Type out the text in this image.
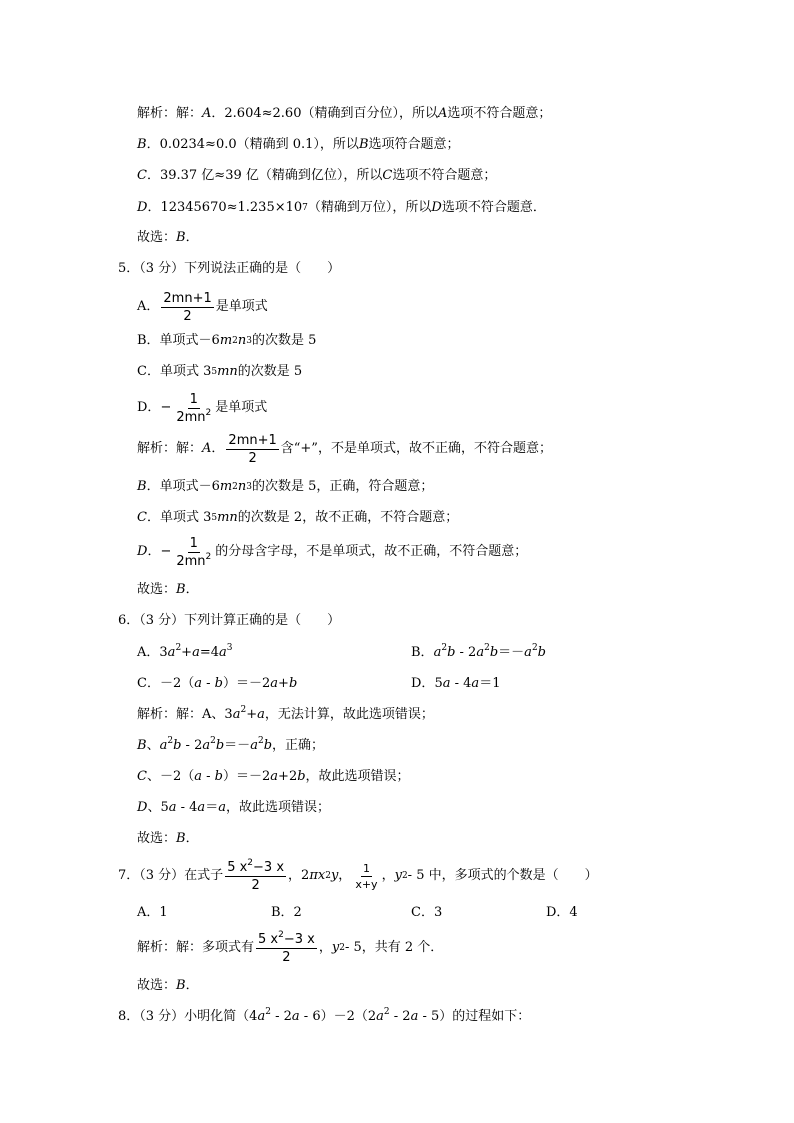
解析：解： A ．2.604≈2.60（精确到百分位），所以 A 选项不符合题意；
B ．0.0234≈0.0（精确到 0.1），所以 B 选项符合题意；
C ．39.37 亿≈39 亿（精确到亿位），所以 C 选项不符合题意；
D ．12345670≈1.235×10 7 （精确到万位），所以 D 选项不符合题意．
故选： B ．
5．（3 分）下列说法正确的是（　　）
A． $\frac{2mn+1}{2}$ 是单项式
B．单项式－6 m 2 n 3 的次数是 5
C．单项式 3 5 mn 的次数是 5
D． − $\frac{1}{2mn^2}$ 是单项式
解析：解： A ． $\frac{2mn+1}{2}$ 含“+”，不是单项式，故不正确，不符合题意；
B ．单项式－6 m 2 n 3 的次数是 5，正确，符合题意；
C ．单项式 3 5 mn 的次数是 2，故不正确，不符合题意；
D ． − $\frac{1}{2mn^2}$ 的分母含字母，不是单项式，故不正确，不符合题意；
故选： B ．
6．（3 分）下列计算正确的是（　　）
A．$3a^2+a=4a^3$	B．$a^2b - 2a^2b=-a^2b$
C．－2（a - b）＝－2a+b	D．5a - 4a＝1
解析：解：A、$3a^2+a$，无法计算，故此选项错误；
B、$a^2b - 2a^2b=-a^2b$，正确；
C、－2（a - b）＝－2a+2b，故此选项错误；
D、5a - 4a＝a，故此选项错误；
故选：B．
7．（3 分）在式子 $\frac{5 x^2-3 x}{2}$ ，2 πx 2 y ， $\frac{1}{x+y}$ ， y 2 - 5 中，多项式的个数是（　　）
A．1	B．2	C．3	D．4
解析：解：多项式有 $\frac{5 x^2-3 x}{2}$ ， y 2 - 5，共有 2 个．
故选：B．
8．（3 分）小明化简$(4a^2 - 2a - 6)-2(2a^2 - 2a - 5)$的过程如下：
